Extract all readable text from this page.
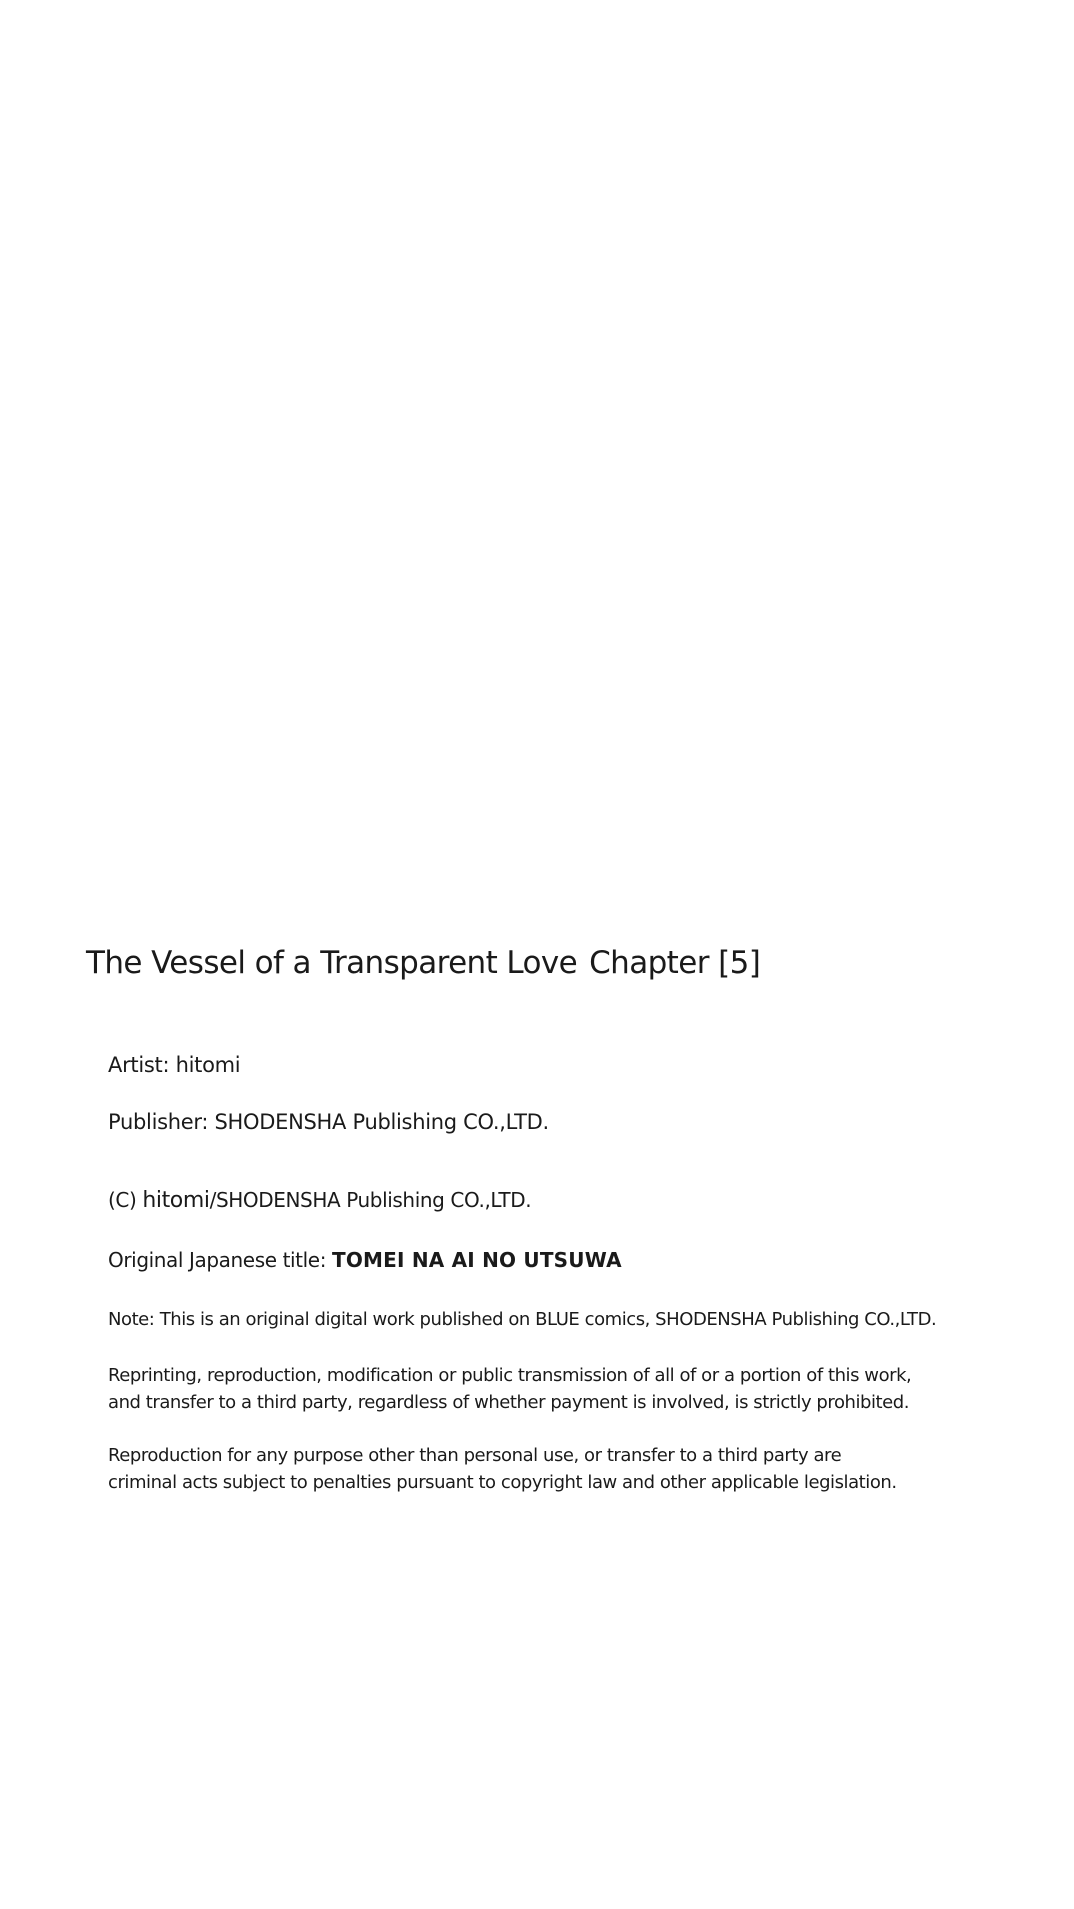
The Vessel of a Transparent Love Chapter [5]

Artist: hitomi

Publisher: SHODENSHA Publishing CO.,LTD.

(C) hitomi/SHODENSHA Publishing CO.,LTD.

Original Japanese title: TOMEI NA AI NO UTSUWA

Note: This is an original digital work published on BLUE comics, SHODENSHA Publishing CO.,LTD.

Reprinting, reproduction, modification or public transmission of all of or a portion of this work,
and transfer to a third party, regardless of whether payment is involved, is strictly prohibited.
Reproduction for any purpose other than personal use, or transfer to a third party are
criminal acts subject to penalties pursuant to copyright law and other applicable legislation.
